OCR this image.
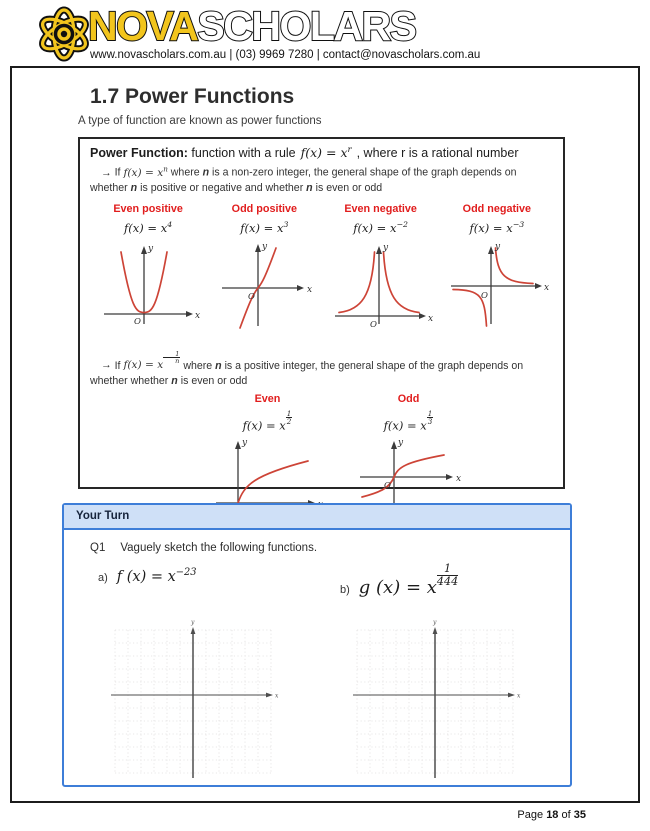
NOVASCHOLARS
www.novascholars.com.au | (03) 9969 7280 | contact@novascholars.com.au
1.7 Power Functions

A type of function are known as power functions

Power Function: function with a rule $f(x) = x^r$ , where r is a rational number

→ If $f(x) = x^n$ where n is a non-zero integer, the general shape of the graph depends on whether n is positive or negative and whether n is even or odd

Even positive
$f(x) = x^4$
y
x
O
Odd positive
$f(x) = x^3$
y
x
O
Even negative
$f(x) = x^{-2}$
y
x
O
Odd negative
$f(x) = x^{-3}$
y
x
O

→ If f(x) = x
$\frac{1}{n}$
where n is a positive integer, the general shape of the graph depends on whether whether n is even or odd

Even
f(x) = x $\frac{1}{2}$
y
Odd
f(x) = x $\frac{1}{3}$
y
x
O
Your Turn
Q1 Vaguely sketch the following functions.
a) f $(x) = x^{-23}$
b) g (x) = x $\frac{1}{444}$
y
x
y
x
Page 18 of 35
